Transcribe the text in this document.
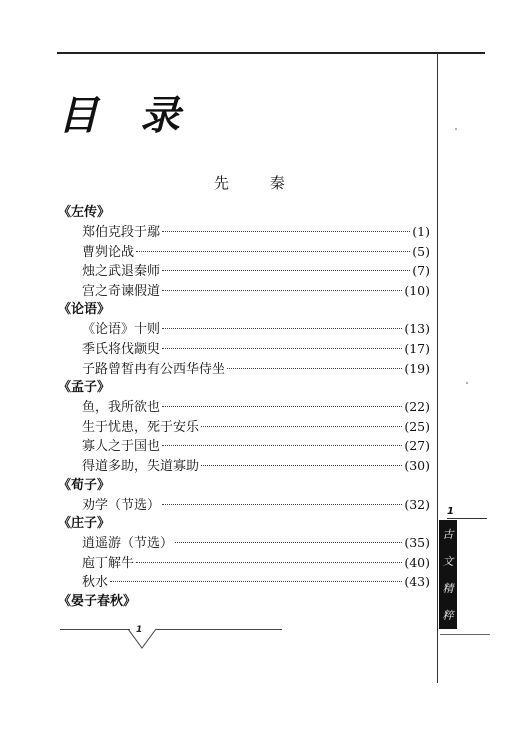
目 录
先 秦
《左传》
郑伯克段于鄢	(1)
曹刿论战	(5)
烛之武退秦师	(7)
宫之奇谏假道	(10)
《论语》
《论语》十则	(13)
季氏将伐颛臾	(17)
子路曾皙冉有公西华侍坐	(19)
《孟子》
鱼，我所欲也	(22)
生于忧患，死于安乐	(25)
寡人之于国也	(27)
得道多助，失道寡助	(30)
《荀子》
劝学（节选）	(32)
《庄子》
逍遥游（节选）	(35)
庖丁解牛	(40)
秋水	(43)
《晏子春秋》
1
1
古
文
精
粹
